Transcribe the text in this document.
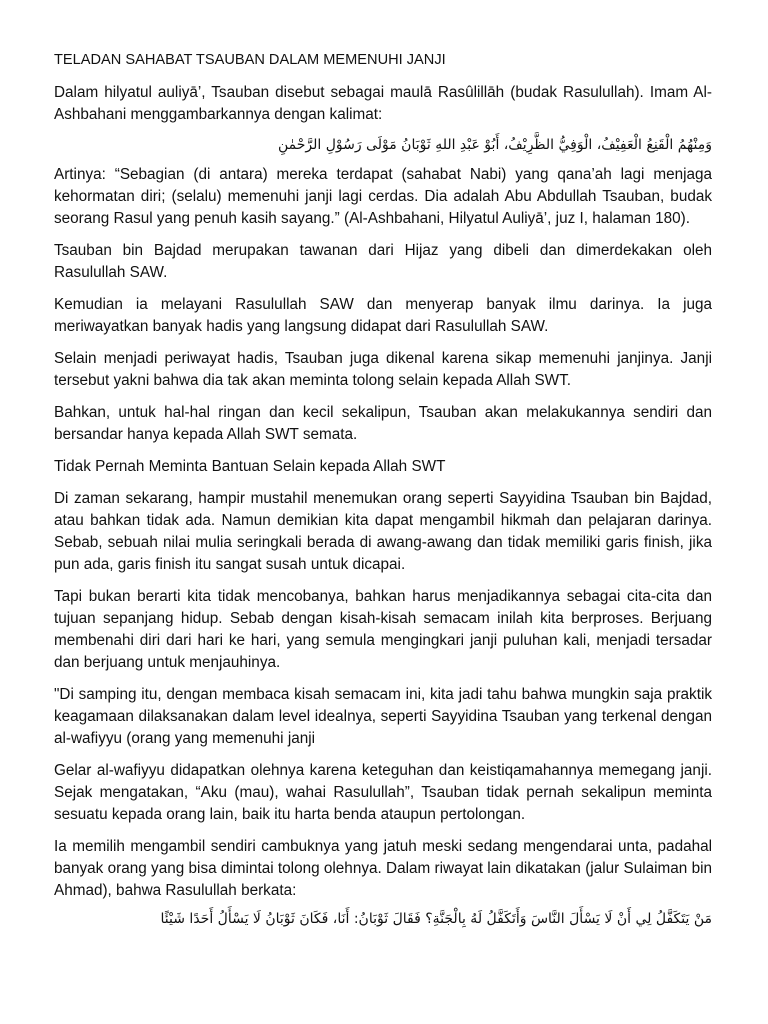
TELADAN SAHABAT TSAUBAN DALAM MEMENUHI JANJI

Dalam hilyatul auliyā’, Tsauban disebut sebagai maulā Rasûlillāh (budak Rasulullah). Imam Al-Ashbahani menggambarkannya dengan kalimat:

وَمِنْهُمُ الْقَنِعُ الْعَفِيْفُ، الْوَفِيُّ الظَّرِيْفُ، أَبُوْ عَبْدِ اللهِ ثَوْبَانُ مَوْلَى رَسُوْلِ الرَّحْمٰنِ

Artinya: “Sebagian (di antara) mereka terdapat (sahabat Nabi) yang qana’ah lagi menjaga kehormatan diri; (selalu) memenuhi janji lagi cerdas. Dia adalah Abu Abdullah Tsauban, budak seorang Rasul yang penuh kasih sayang.” (Al-Ashbahani, Hilyatul Auliyā’, juz I, halaman 180).

Tsauban bin Bajdad merupakan tawanan dari Hijaz yang dibeli dan dimerdekakan oleh Rasulullah SAW.

Kemudian ia melayani Rasulullah SAW dan menyerap banyak ilmu darinya. Ia juga meriwayatkan banyak hadis yang langsung didapat dari Rasulullah SAW.

Selain menjadi periwayat hadis, Tsauban juga dikenal karena sikap memenuhi janjinya. Janji tersebut yakni bahwa dia tak akan meminta tolong selain kepada Allah SWT.

Bahkan, untuk hal-hal ringan dan kecil sekalipun, Tsauban akan melakukannya sendiri dan bersandar hanya kepada Allah SWT semata.

Tidak Pernah Meminta Bantuan Selain kepada Allah SWT

Di zaman sekarang, hampir mustahil menemukan orang seperti Sayyidina Tsauban bin Bajdad, atau bahkan tidak ada. Namun demikian kita dapat mengambil hikmah dan pelajaran darinya. Sebab, sebuah nilai mulia seringkali berada di awang-awang dan tidak memiliki garis finish, jika pun ada, garis finish itu sangat susah untuk dicapai.

Tapi bukan berarti kita tidak mencobanya, bahkan harus menjadikannya sebagai cita-cita dan tujuan sepanjang hidup. Sebab dengan kisah-kisah semacam inilah kita berproses. Berjuang membenahi diri dari hari ke hari, yang semula mengingkari janji puluhan kali, menjadi tersadar dan berjuang untuk menjauhinya.

"Di samping itu, dengan membaca kisah semacam ini, kita jadi tahu bahwa mungkin saja praktik keagamaan dilaksanakan dalam level idealnya, seperti Sayyidina Tsauban yang terkenal dengan al-wafiyyu (orang yang memenuhi janji

Gelar al-wafiyyu didapatkan olehnya karena keteguhan dan keistiqamahannya memegang janji. Sejak mengatakan, “Aku (mau), wahai Rasulullah”, Tsauban tidak pernah sekalipun meminta sesuatu kepada orang lain, baik itu harta benda ataupun pertolongan.

Ia memilih mengambil sendiri cambuknya yang jatuh meski sedang mengendarai unta, padahal banyak orang yang bisa dimintai tolong olehnya. Dalam riwayat lain dikatakan (jalur Sulaiman bin Ahmad), bahwa Rasulullah berkata:

مَنْ يَتَكَفَّلُ لِي أَنْ لَا يَسْأَلَ النَّاسَ وَأَتَكَفَّلُ لَهُ بِالْجَنَّةِ؟ فَقَالَ ثَوْبَانُ: أَنَا، فَكَانَ ثَوْبَانُ لَا يَسْأَلُ أَحَدًا شَيْئًا
